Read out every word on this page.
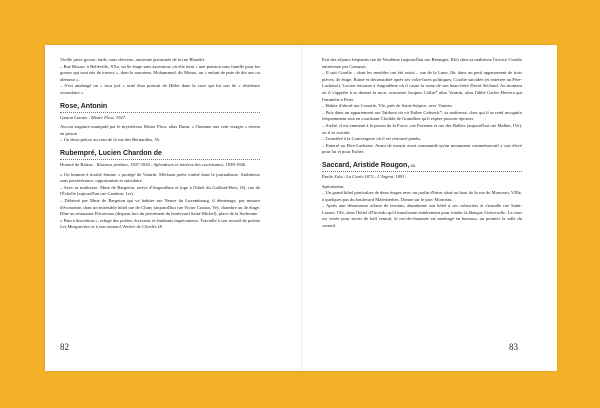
Vieille juive grosse, laide, sans cheveux, ancienne prostituée de la rue Blondel.

– Rue Bisson, à Belleville, XXe, un 6e étage sans ascenseur, où elle tient « une pension sans famille pour les gosses qui sont nés de travers », dont le narrateur, Mohammed, dit Momo, un « enfant de pute de dix ans ou alentour ».

– S'est aménagé un « trou juif » orné d'un portrait de Hitler dans la cave qui lui sert de « résidence secondaire ».

Rose, Antonin

Gaston Leroux : Mister Flow, 1927.

Avocat stagiaire manipulé par le mystérieux Mister Flow, alias Durin, « l'homme aux cent visages » retenu en prison

– Un deux-pièces au coin de la rue des Bernardins, Ve.

Rubempré, Lucien Chardon de

Honoré de Balzac : Illusions perdues, 1837-1843 ; Splendeurs et misères des courtisanes, 1838-1846.

« Un homme à moitié femme » protégé de Vautrin. Méchant poète tombé dans le journalisme. Ambitieux sans persévérance, opportuniste et suicidaire.

– Avec sa maîtresse, Mme de Bargeton, arrive d'Angoulême et loge à l'hôtel du Gaillard-Bois, [6], rue de l'Échelle (aujourd'hui rue Cambon, 1er).

– Délaissé par Mme de Bargeton qui va habiter rue Neuve du Luxembourg, il déménage, par mesure d'économie, dans un misérable hôtel rue de Cluny (aujourd'hui rue Victor Cousin, Ve), chambre au 4e étage. Dîne au restaurant Flicoteaux (disparu lors du percement du boulevard Saint-Michel), place de la Sorbonne.

« Pain à discrétion », refuge des poètes, écrivains et étudiants impécunieux. Travaille à son recueil de poème Les Marguerites et à son roman L'Archer de Charles IX.

82

Fait des séjours fréquents rue de Vendôme (aujourd'hui rue Béranger, IIIe) chez sa maîtresse l'actrice Coralie entretenue par Camusot.

– Il suit Coralie – dont les meubles ont été saisis – rue de la Lune, IIe, dans un petit appartement de trois pièces, 4e étage. Ruiné et déconsidéré après ses volte-faces politiques, Coralie suicidée (et enterrée au Père-Lachaise), Lucien retourne à Angoulême où il cause la ruine de son beau-frère David Séchard. Au moment où il s'apprête à se donner la mort, rencontre Jacques Collin* alias Vautrin, alias l'abbé Carlos Herrera qui l'emmène à Paris.

– Habite d'abord rue Cassette, VIe, près de Saint-Sulpice, avec Vautrin.

– Puis dans un appartement rue Taitbout où vit Esther Gobseck*, sa maîtresse, chez qui il se rend incognito fréquemment tout en courtisant Clotilde de Grandlieu qu'il espère pouvoir épouser

– Arrêté, il est emmené à la prison de la Force, rue Pavenne et rue des Ballets (aujourd'hui rue Malher, IVe), où il se suicide.

– Transféré à la Conciergerie où il est retrouvé pendu.

– Enterré au Père-Lachaise. Avant de mourir avait commandé qu'un monument commémoratif y soit élevé pour lui et pour Esther.

Saccard, Aristide Rougon, dit

Émile Zola : La Curée,1872 ; L'Argent, 1891.

Spéculateur.

– Un grand hôtel particulier de deux étages avec un jardin d'hiver situé au bout de la rue de Monceau, VIIIe, à quelques pas du boulevard Malesherbes. Donne sur le parc Monceau.

– Après une désastreuse affaire de terrains, abandonne son hôtel à ses créanciers et s'installe rue Saint-Lazare, IXe, dans l'hôtel d'Orviedo qu'il transforme entièrement pour fonder la Banque Universelle. La cour est vitrée pour servir de hall central, le rez-de-chaussée est aménagé en bureaux, au premier la salle du conseil.

83
